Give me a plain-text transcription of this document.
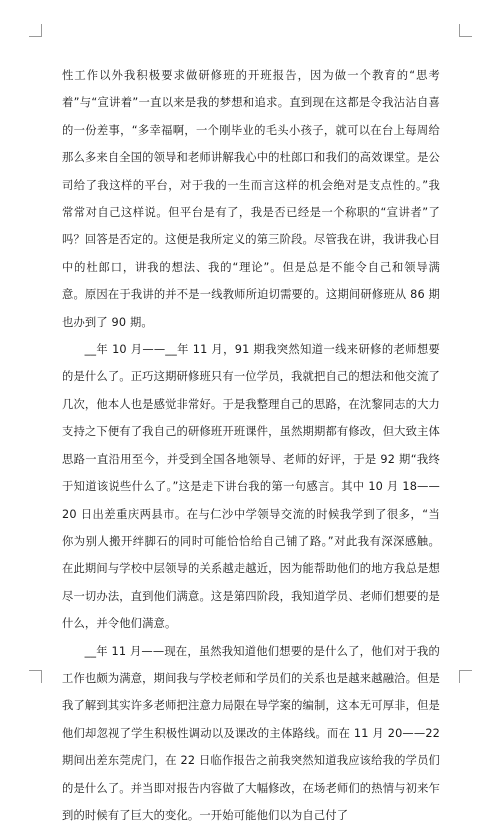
性工作以外我积极要求做研修班的开班报告，因为做一个教育的“思考着”与“宣讲着”一直以来是我的梦想和追求。直到现在这都是令我沾沾自喜的一份差事，“多幸福啊，一个刚毕业的毛头小孩子，就可以在台上每周给那么多来自全国的领导和老师讲解我心中的杜郎口和我们的高效课堂。是公司给了我这样的平台，对于我的一生而言这样的机会绝对是支点性的。”我常常对自己这样说。但平台是有了，我是否已经是一个称职的“宣讲者”了吗？回答是否定的。这便是我所定义的第三阶段。尽管我在讲，我讲我心目中的杜郎口，讲我的想法、我的“理论”。但是总是不能令自己和领导满意。原因在于我讲的并不是一线教师所迫切需要的。这期间研修班从 86 期也办到了 90 期。

__年 10 月——__年 11 月，91 期我突然知道一线来研修的老师想要的是什么了。正巧这期研修班只有一位学员，我就把自己的想法和他交流了几次，他本人也是感觉非常好。于是我整理自己的思路，在沈黎同志的大力支持之下便有了我自己的研修班开班课件，虽然期期都有修改，但大致主体思路一直沿用至今，并受到全国各地领导、老师的好评，于是 92 期“我终于知道该说些什么了。”这是走下讲台我的第一句感言。其中 10 月 18——20 日出差重庆两县市。在与仁沙中学领导交流的时候我学到了很多，“当你为别人搬开绊脚石的同时可能恰恰给自己铺了路。”对此我有深深感触。在此期间与学校中层领导的关系越走越近，因为能帮助他们的地方我总是想尽一切办法，直到他们满意。这是第四阶段，我知道学员、老师们想要的是什么，并令他们满意。

__年 11 月——现在，虽然我知道他们想要的是什么了，他们对于我的工作也颇为满意，期间我与学校老师和学员们的关系也是越来越融洽。但是我了解到其实许多老师把注意力局限在导学案的编制，这本无可厚非，但是他们却忽视了学生积极性调动以及课改的主体路线。而在 11 月 20——22 期间出差东莞虎门，在 22 日临作报告之前我突然知道我应该给我的学员们的是什么了。并当即对报告内容做了大幅修改，在场老师们的热情与初来乍到的时候有了巨大的变化。一开始可能他们以为自己付了
